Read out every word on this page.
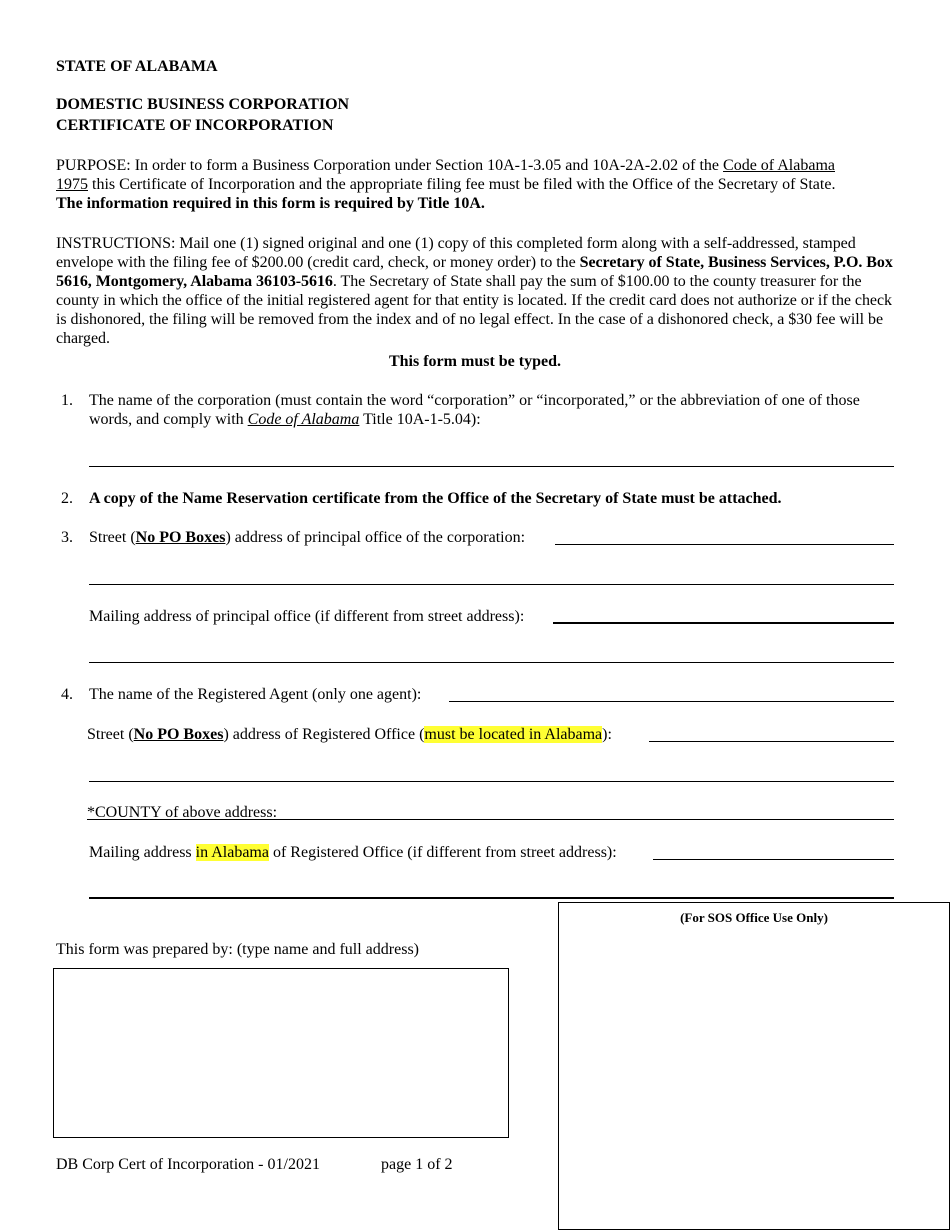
STATE OF ALABAMA
DOMESTIC BUSINESS CORPORATION
CERTIFICATE OF INCORPORATION
PURPOSE: In order to form a Business Corporation under Section 10A-1-3.05 and 10A-2A-2.02 of the Code of Alabama
1975 this Certificate of Incorporation and the appropriate filing fee must be filed with the Office of the Secretary of State.
The information required in this form is required by Title 10A.
INSTRUCTIONS: Mail one (1) signed original and one (1) copy of this completed form along with a self-addressed, stamped envelope with the filing fee of $200.00 (credit card, check, or money order) to the Secretary of State, Business Services, P.O. Box 5616, Montgomery, Alabama 36103-5616. The Secretary of State shall pay the sum of $100.00 to the county treasurer for the county in which the office of the initial registered agent for that entity is located. If the credit card does not authorize or if the check is dishonored, the filing will be removed from the index and of no legal effect. In the case of a dishonored check, a $30 fee will be charged.
This form must be typed.
1. The name of the corporation (must contain the word “corporation” or “incorporated,” or the abbreviation of one of those words, and comply with Code of Alabama Title 10A-1-5.04):
2. A copy of the Name Reservation certificate from the Office of the Secretary of State must be attached.
3. Street (No PO Boxes) address of principal office of the corporation:
Mailing address of principal office (if different from street address):
4. The name of the Registered Agent (only one agent):
Street (No PO Boxes) address of Registered Office (must be located in Alabama):
*COUNTY of above address:
Mailing address in Alabama of Registered Office (if different from street address):
This form was prepared by: (type name and full address)
(For SOS Office Use Only)
DB Corp Cert of Incorporation - 01/2021	page 1 of 2
